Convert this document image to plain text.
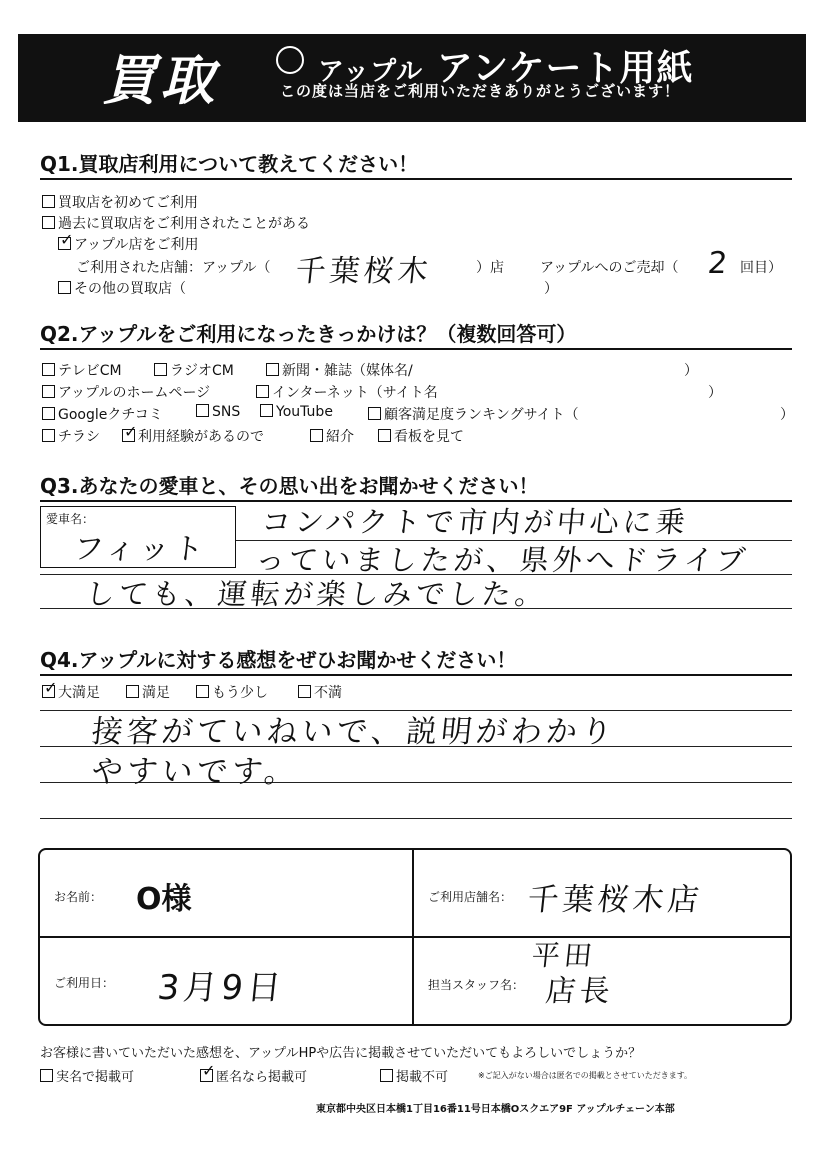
買取	アップル アンケート用紙
この度は当店をご利用いただきありがとうございます！
Q1.買取店利用について教えてください！
買取店を初めてご利用
過去に買取店をご利用されたことがある
✓ アップル店をご利用
ご利用された店舗：アップル（ 千葉桜木	）店	アップルへのご売却（ 2 回目）
その他の買取店（	）
Q2.アップルをご利用になったきっかけは？（複数回答可）
テレビCM	ラジオCM	新聞・雑誌（媒体名/	）
アップルのホームページ	インターネット（サイト名	）
Googleクチコミ	SNS	YouTube	顧客満足度ランキングサイト（	）
チラシ ✓ 利用経験があるので	紹介	看板を見て
Q3.あなたの愛車と、その思い出をお聞かせください！
愛車名：
フィット
コンパクトで市内が中心に乗
っていましたが、県外へドライブ
しても、運転が楽しみでした。
Q4.アップルに対する感想をぜひお聞かせください！
✓ 大満足	満足	もう少し	不満
接客がていねいで、説明がわかり
やすいです。
お名前： O様	ご利用店舗名： 千葉桜木店
ご利用日： 3月9日	担当スタッフ名：
平田
店長
お客様に書いていただいた感想を、アップルHPや広告に掲載させていただいてもよろしいでしょうか？
実名で掲載可	✓ 匿名なら掲載可	掲載不可	※ご記入がない場合は匿名での掲載とさせていただきます。
東京都中央区日本橋1丁目16番11号日本橋Oスクエア9F アップルチェーン本部
